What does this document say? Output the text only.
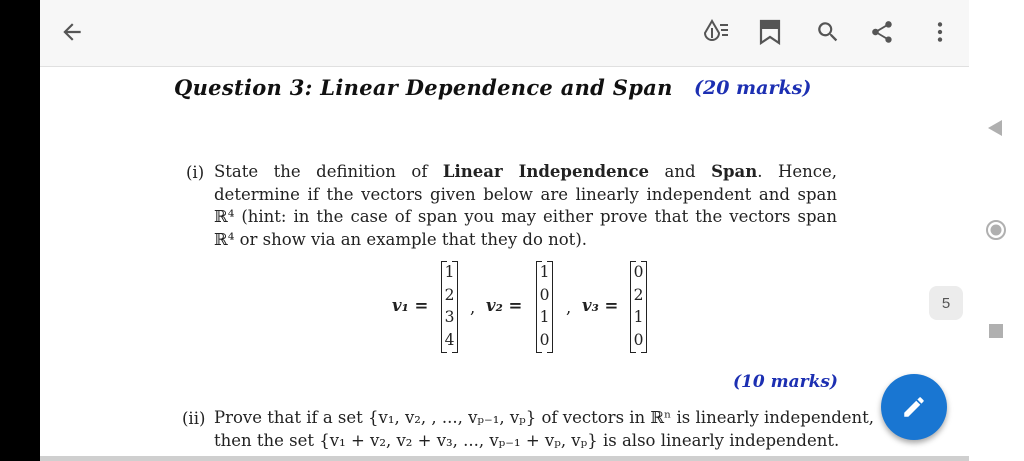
Question 3: Linear Dependence and Span (20 marks)
(i) State the definition of Linear Independence and Span. Hence, determine if the vectors given below are linearly independent and span ℝ⁴ (hint: in the case of span you may either prove that the vectors span ℝ⁴ or show via an example that they do not).
v₁ =
1
2
3
4
, v₂ =
1
0
1
0
, v₃ =
0
2
1
0
(10 marks)
(ii) Prove that if a set {v₁, v₂, , ..., vₚ₋₁, vₚ} of vectors in ℝⁿ is linearly independent,
then the set {v₁ + v₂, v₂ + v₃, ..., vₚ₋₁ + vₚ, vₚ} is also linearly independent.
5
